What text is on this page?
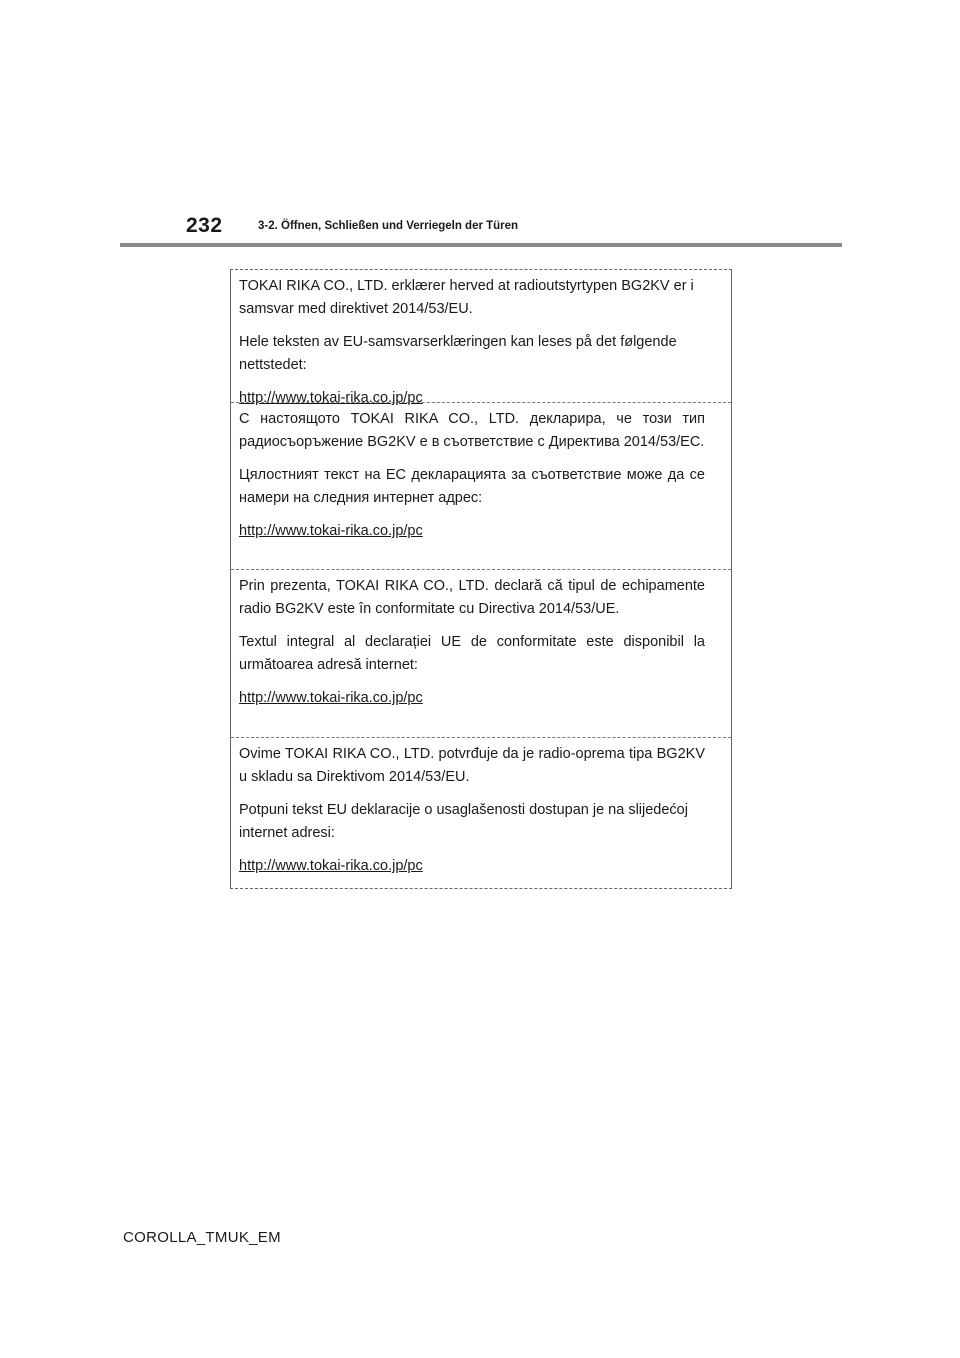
232	3-2. Öffnen, Schließen und Verriegeln der Türen

TOKAI RIKA CO., LTD. erklærer herved at radioutstyrtypen BG2KV er i samsvar med direktivet 2014/53/EU.

Hele teksten av EU-samsvarserklæringen kan leses på det følgende nettstedet:

http://www.tokai-rika.co.jp/pc

С настоящото TOKAI RIKA CO., LTD. декларира, че този тип радиосъоръжение BG2KV е в съответствие с Директива 2014/53/ЕС.

Цялостният текст на ЕС декларацията за съответствие може да се намери на следния интернет адрес:

http://www.tokai-rika.co.jp/pc

Prin prezenta, TOKAI RIKA CO., LTD. declară că tipul de echipamente radio BG2KV este în conformitate cu Directiva 2014/53/UE.

Textul integral al declarației UE de conformitate este disponibil la următoarea adresă internet:

http://www.tokai-rika.co.jp/pc

Ovime TOKAI RIKA CO., LTD. potvrđuje da je radio-oprema tipa BG2KV u skladu sa Direktivom 2014/53/EU.

Potpuni tekst EU deklaracije o usaglašenosti dostupan je na slijedećoj internet adresi:

http://www.tokai-rika.co.jp/pc
COROLLA_TMUK_EM
